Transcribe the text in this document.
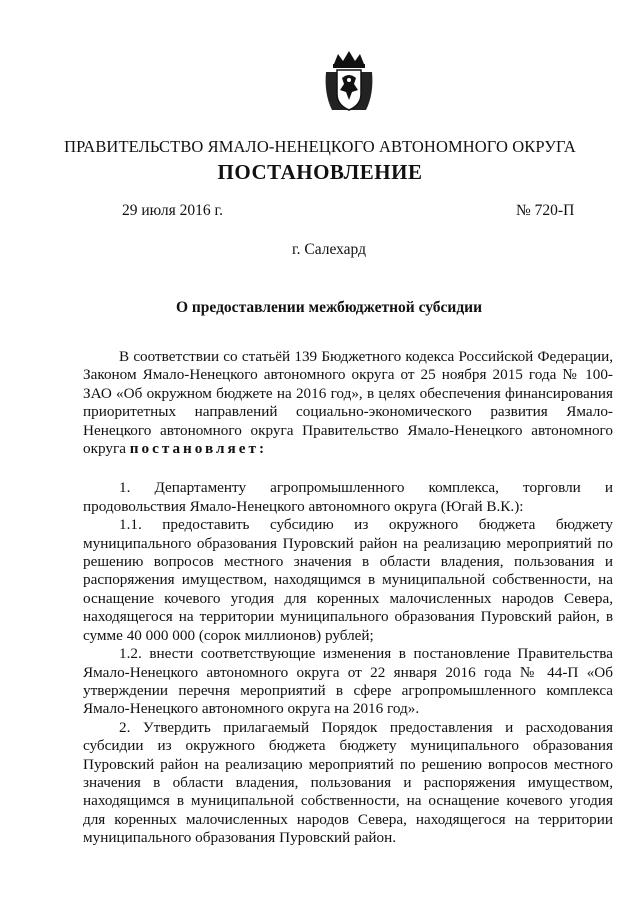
ПРАВИТЕЛЬСТВО ЯМАЛО-НЕНЕЦКОГО АВТОНОМНОГО ОКРУГА
ПОСТАНОВЛЕНИЕ
29 июля 2016 г.	№ 720-П
г. Салехард
О предоставлении межбюджетной субсидии

В соответствии со статьёй 139 Бюджетного кодекса Российской Федерации, Законом Ямало-Ненецкого автономного округа от 25 ноября 2015 года № 100-ЗАО «Об окружном бюджете на 2016 год», в целях обеспечения финансирования приоритетных направлений социально-экономического развития Ямало-Ненецкого автономного округа Правительство Ямало-Ненецкого автономного округа постановляет:

1. Департаменту агропромышленного комплекса, торговли и продовольствия Ямало-Ненецкого автономного округа (Югай В.К.):

1.1. предоставить субсидию из окружного бюджета бюджету муниципального образования Пуровский район на реализацию мероприятий по решению вопросов местного значения в области владения, пользования и распоряжения имуществом, находящимся в муниципальной собственности, на оснащение кочевого угодия для коренных малочисленных народов Севера, находящегося на территории муниципального образования Пуровский район, в сумме 40 000 000 (сорок миллионов) рублей;

1.2. внести соответствующие изменения в постановление Правительства Ямало-Ненецкого автономного округа от 22 января 2016 года № 44-П «Об утверждении перечня мероприятий в сфере агропромышленного комплекса Ямало-Ненецкого автономного округа на 2016 год».

2. Утвердить прилагаемый Порядок предоставления и расходования субсидии из окружного бюджета бюджету муниципального образования Пуровский район на реализацию мероприятий по решению вопросов местного значения в области владения, пользования и распоряжения имуществом, находящимся в муниципальной собственности, на оснащение кочевого угодия для коренных малочисленных народов Севера, находящегося на территории муниципального образования Пуровский район.
